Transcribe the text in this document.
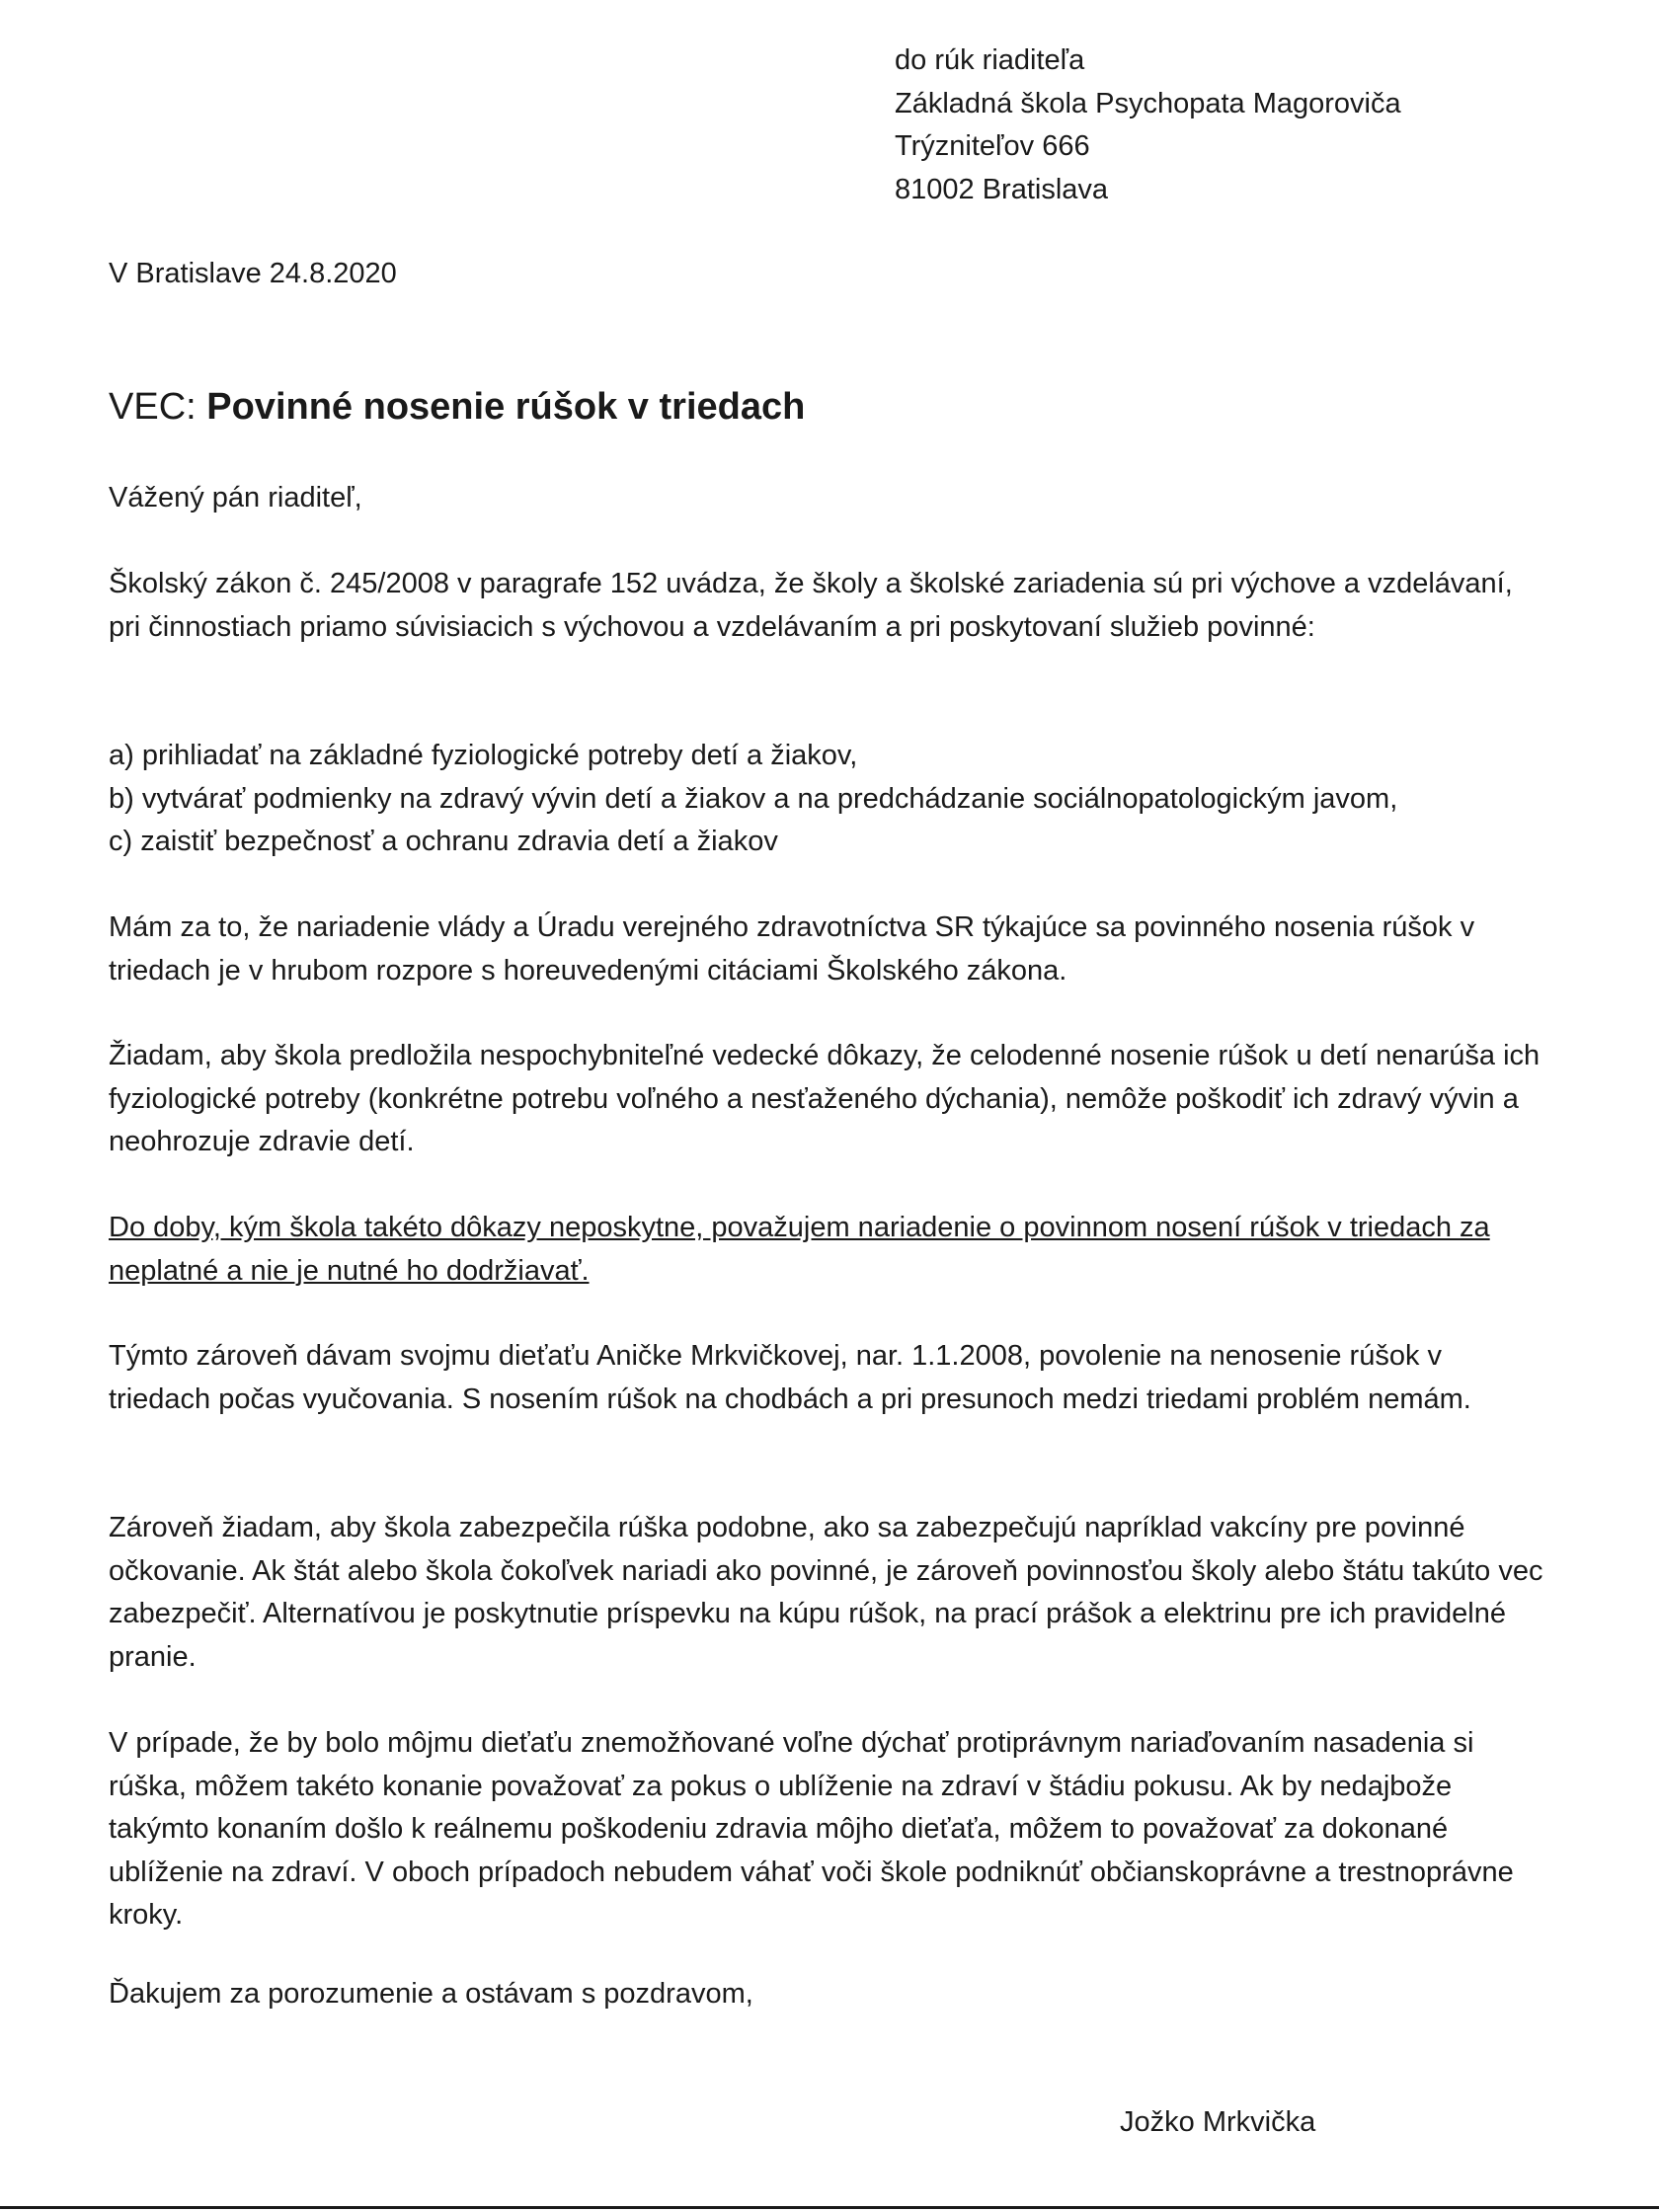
do rúk riaditeľa
Základná škola Psychopata Magoroviča
Trýzniteľov 666
81002 Bratislava
V Bratislave 24.8.2020
VEC: Povinné nosenie rúšok v triedach
Vážený pán riaditeľ,
Školský zákon č. 245/2008 v paragrafe 152 uvádza, že školy a školské zariadenia sú pri výchove a vzdelávaní, pri činnostiach priamo súvisiacich s výchovou a vzdelávaním a pri poskytovaní služieb povinné:
a) prihliadať na základné fyziologické potreby detí a žiakov,
b) vytvárať podmienky na zdravý vývin detí a žiakov a na predchádzanie sociálnopatologickým javom,
c) zaistiť bezpečnosť a ochranu zdravia detí a žiakov
Mám za to, že nariadenie vlády a Úradu verejného zdravotníctva SR týkajúce sa povinného nosenia rúšok v triedach je v hrubom rozpore s horeuvedenými citáciami Školského zákona.
Žiadam, aby škola predložila nespochybniteľné vedecké dôkazy, že celodenné nosenie rúšok u detí nenarúša ich fyziologické potreby (konkrétne potrebu voľného a nesťaženého dýchania), nemôže poškodiť ich zdravý vývin a neohrozuje zdravie detí.
Do doby, kým škola takéto dôkazy neposkytne, považujem nariadenie o povinnom nosení rúšok v triedach za neplatné a nie je nutné ho dodržiavať.
Týmto zároveň dávam svojmu dieťaťu Aničke Mrkvičkovej, nar. 1.1.2008, povolenie na nenosenie rúšok v triedach počas vyučovania. S nosením rúšok na chodbách a pri presunoch medzi triedami problém nemám.
Zároveň žiadam, aby škola zabezpečila rúška podobne, ako sa zabezpečujú napríklad vakcíny pre povinné očkovanie. Ak štát alebo škola čokoľvek nariadi ako povinné, je zároveň povinnosťou školy alebo štátu takúto vec zabezpečiť. Alternatívou je poskytnutie príspevku na kúpu rúšok, na prací prášok a elektrinu pre ich pravidelné pranie.
V prípade, že by bolo môjmu dieťaťu znemožňované voľne dýchať protiprávnym nariaďovaním nasadenia si rúška, môžem takéto konanie považovať za pokus o ublíženie na zdraví v štádiu pokusu. Ak by nedajbože takýmto konaním došlo k reálnemu poškodeniu zdravia môjho dieťaťa, môžem to považovať za dokonané ublíženie na zdraví. V oboch prípadoch nebudem váhať voči škole podniknúť občianskoprávne a trestnoprávne kroky.
Ďakujem za porozumenie a ostávam s pozdravom,
Jožko Mrkvička
